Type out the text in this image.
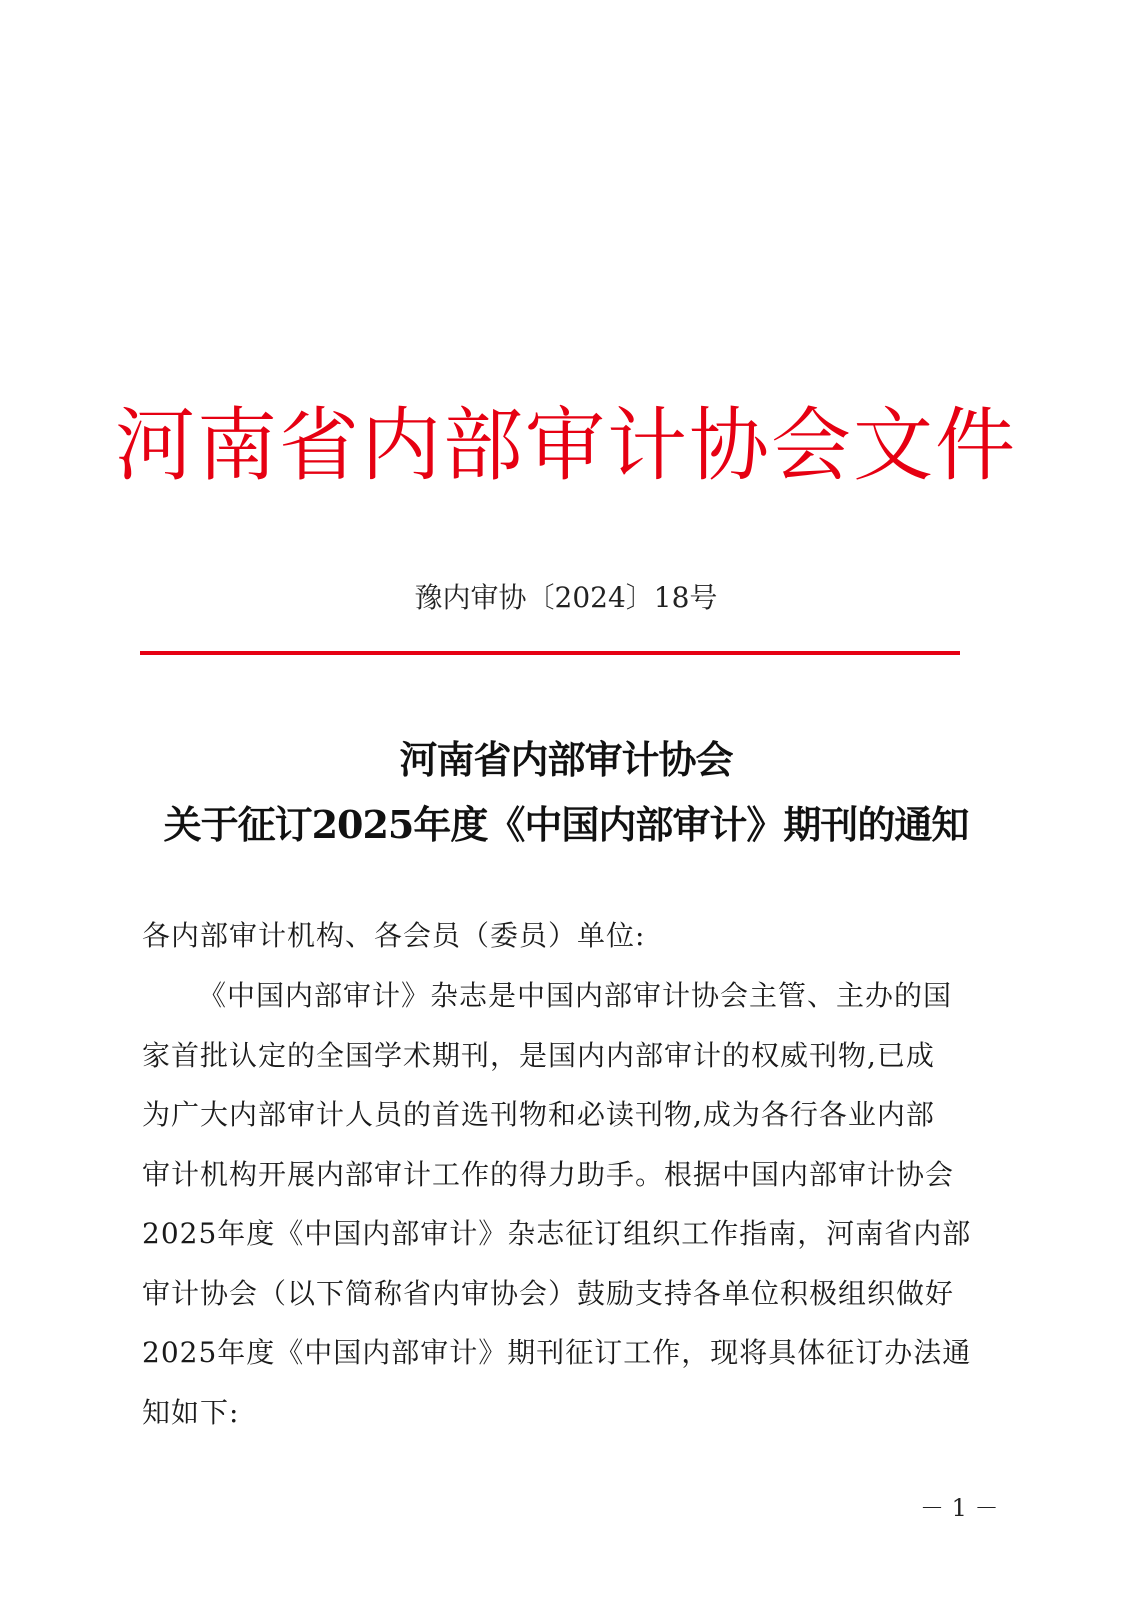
河南省内部审计协会文件
豫内审协〔2024〕18号
河南省内部审计协会
关于征订2025年度《中国内部审计》期刊的通知
各内部审计机构、各会员（委员）单位:
《中国内部审计》杂志是中国内部审计协会主管、主办的国
家首批认定的全国学术期刊，是国内内部审计的权威刊物,已成
为广大内部审计人员的首选刊物和必读刊物,成为各行各业内部
审计机构开展内部审计工作的得力助手。根据中国内部审计协会
2025年度《中国内部审计》杂志征订组织工作指南，河南省内部
审计协会（以下简称省内审协会）鼓励支持各单位积极组织做好
2025年度《中国内部审计》期刊征订工作，现将具体征订办法通
知如下:
－ 1 －
